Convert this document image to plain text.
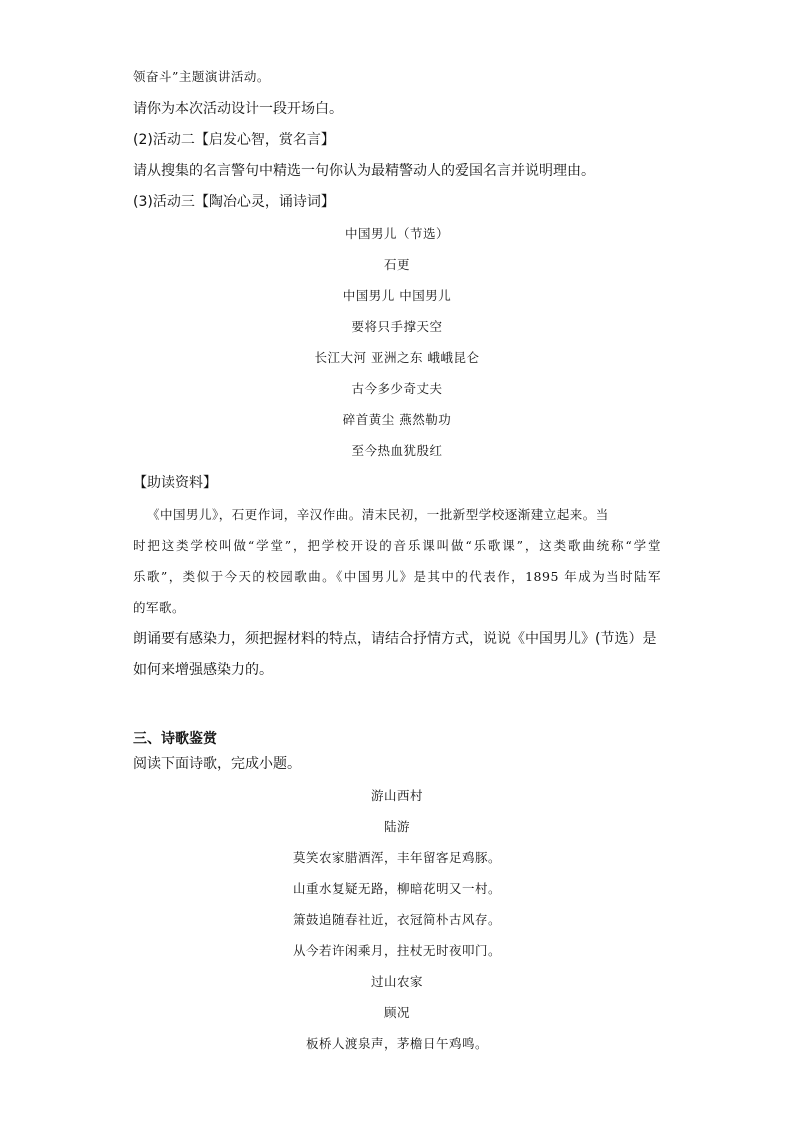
领奋斗”主题演讲活动。
请你为本次活动设计一段开场白。
(2)活动二【启发心智，赏名言】
请从搜集的名言警句中精选一句你认为最精警动人的爱国名言并说明理由。
(3)活动三【陶冶心灵，诵诗词】
中国男儿（节选）
石更
中国男儿 中国男儿
要将只手撑天空
长江大河 亚洲之东 峨峨昆仑
古今多少奇丈夫
碎首黄尘 燕然勒功
至今热血犹殷红
【助读资料】
《中国男儿》，石更作词，辛汉作曲。清末民初，一批新型学校逐渐建立起来。当
时把这类学校叫做“学堂”，把学校开设的音乐课叫做“乐歌课”，这类歌曲统称“学堂
乐歌”，类似于今天的校园歌曲。《中国男儿》是其中的代表作，1895 年成为当时陆军
的军歌。
朗诵要有感染力，须把握材料的特点，请结合抒情方式，说说《中国男儿》(节选）是
如何来增强感染力的。
三、诗歌鉴赏
阅读下面诗歌，完成小题。
游山西村
陆游
莫笑农家腊酒浑，丰年留客足鸡豚。
山重水复疑无路，柳暗花明又一村。
箫鼓追随春社近，衣冠简朴古风存。
从今若许闲乘月，拄杖无时夜叩门。
过山农家
顾况
板桥人渡泉声，茅檐日午鸡鸣。
